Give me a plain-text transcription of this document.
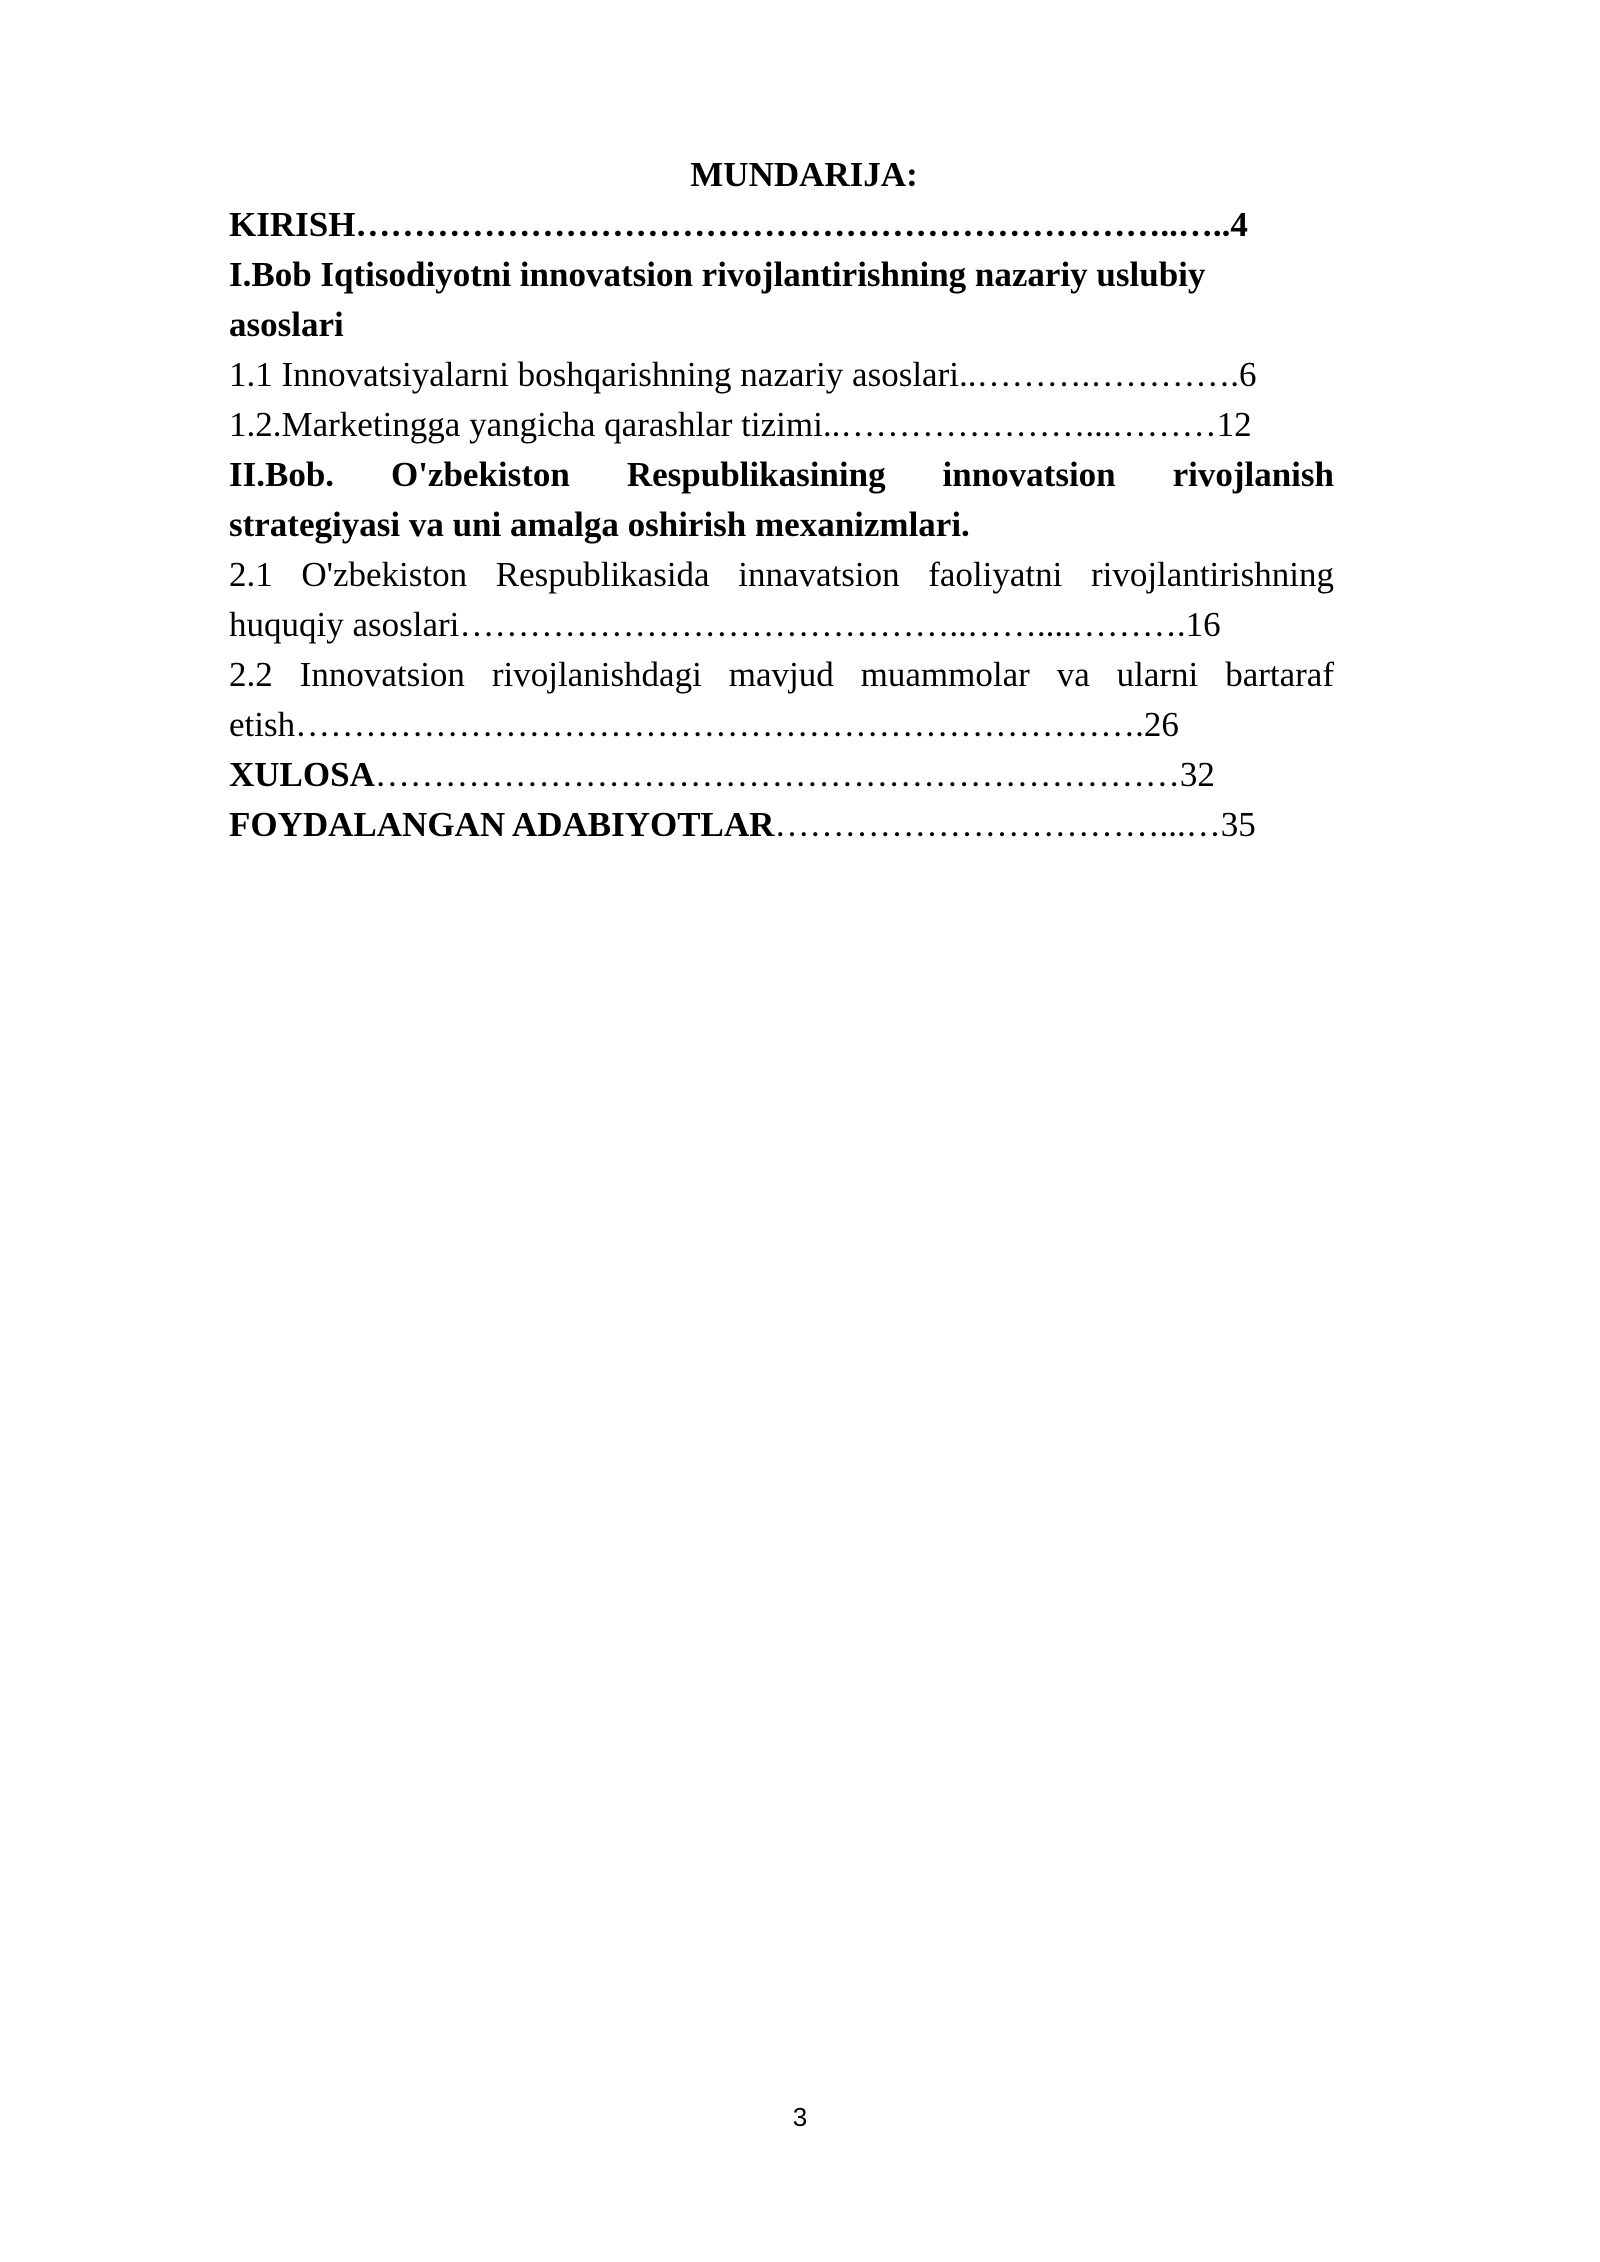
MUNDARIJA:
KIRISH……………………………………………………………..…..4
I.Bob Iqtisodiyotni innovatsion rivojlantirishning nazariy uslubiy
asoslari
1.1 Innovatsiyalarni boshqarishning nazariy asoslari..……….………….6
1.2.Marketingga yangicha qarashlar tizimi..…………………...………12
II.Bob. O'zbekiston Respublikasining innovatsion rivojlanish
strategiyasi va uni amalga oshirish mexanizmlari.
2.1 O'zbekiston Respublikasida innavatsion faoliyatni rivojlantirishning
huquqiy asoslari……………………………………..……....……….16
2.2 Innovatsion rivojlanishdagi mavjud muammolar va ularni bartaraf
etish……………………………………………………………….26
XULOSA……………………………………………………………32
FOYDALANGAN ADABIYOTLAR……………………………...…35
3
